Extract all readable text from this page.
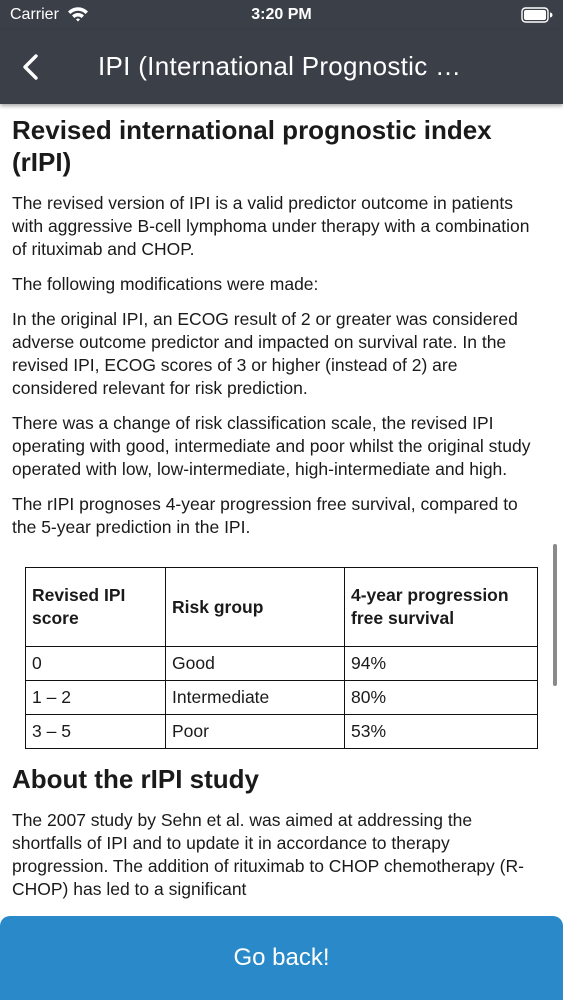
Carrier	3:20 PM
IPI (International Prognostic …
Revised international prognostic index (rIPI)

The revised version of IPI is a valid predictor outcome in patients with aggressive B-cell lymphoma under therapy with a combination of rituximab and CHOP.

The following modifications were made:

In the original IPI, an ECOG result of 2 or greater was considered adverse outcome predictor and impacted on survival rate. In the revised IPI, ECOG scores of 3 or higher (instead of 2) are considered relevant for risk prediction.

There was a change of risk classification scale, the revised IPI operating with good, intermediate and poor whilst the original study operated with low, low-intermediate, high-intermediate and high.

The rIPI prognoses 4-year progression free survival, compared to the 5-year prediction in the IPI.

Revised IPI score	Risk group	4-year progression free survival
0	Good	94%
1 – 2	Intermediate	80%
3 – 5	Poor	53%
About the rIPI study

The 2007 study by Sehn et al. was aimed at addressing the shortfalls of IPI and to update it in accordance to therapy progression. The addition of rituximab to CHOP chemotherapy (R-CHOP) has led to a significant

Go back!
